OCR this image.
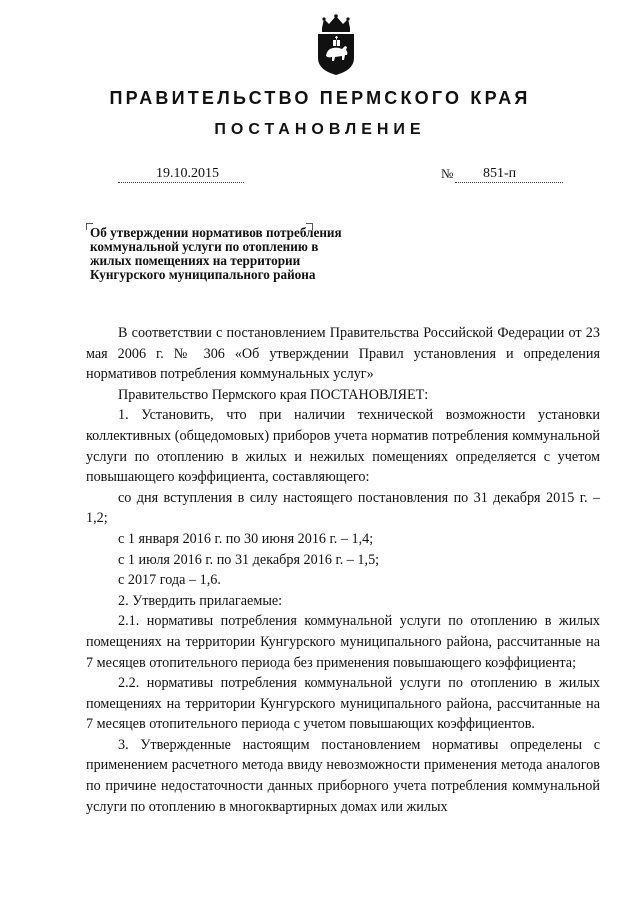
ПРАВИТЕЛЬСТВО ПЕРМСКОГО КРАЯ
ПОСТАНОВЛЕНИЕ
19.10.2015	№ 851-п
Об утверждении нормативов потребления коммунальной услуги по отоплению в жилых помещениях на территории Кунгурского муниципального района

В соответствии с постановлением Правительства Российской Федерации от 23 мая 2006 г. № 306 «Об утверждении Правил установления и определения нормативов потребления коммунальных услуг»

Правительство Пермского края ПОСТАНОВЛЯЕТ:

1. Установить, что при наличии технической возможности установки коллективных (общедомовых) приборов учета норматив потребления коммунальной услуги по отоплению в жилых и нежилых помещениях определяется с учетом повышающего коэффициента, составляющего:

со дня вступления в силу настоящего постановления по 31 декабря 2015 г. – 1,2;

с 1 января 2016 г. по 30 июня 2016 г. – 1,4;

с 1 июля 2016 г. по 31 декабря 2016 г. – 1,5;

с 2017 года – 1,6.

2. Утвердить прилагаемые:

2.1. нормативы потребления коммунальной услуги по отоплению в жилых помещениях на территории Кунгурского муниципального района, рассчитанные на 7 месяцев отопительного периода без применения повышающего коэффициента;

2.2. нормативы потребления коммунальной услуги по отоплению в жилых помещениях на территории Кунгурского муниципального района, рассчитанные на 7 месяцев отопительного периода с учетом повышающих коэффициентов.

3. Утвержденные настоящим постановлением нормативы определены с применением расчетного метода ввиду невозможности применения метода аналогов по причине недостаточности данных приборного учета потребления коммунальной услуги по отоплению в многоквартирных домах или жилых
